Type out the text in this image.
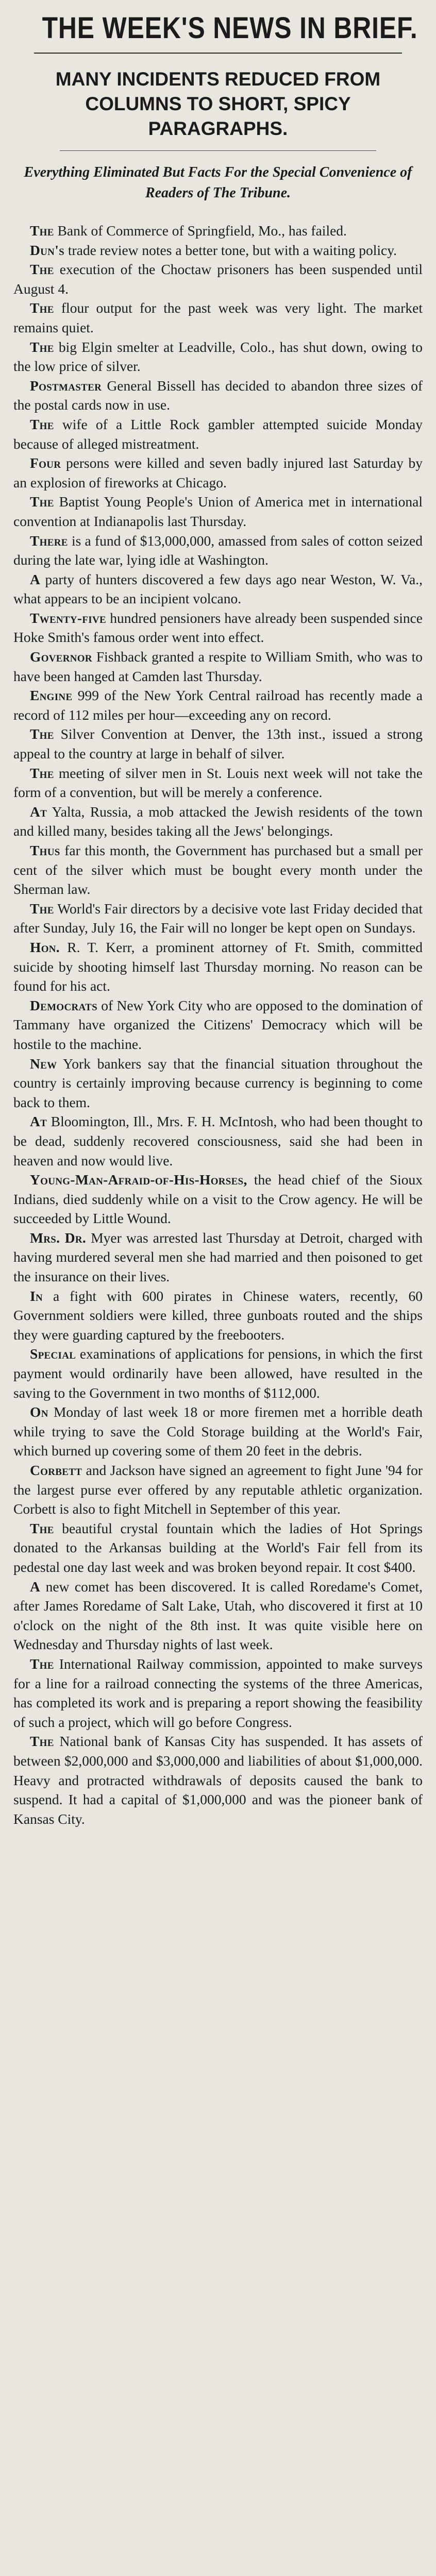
THE WEEK'S NEWS IN BRIEF.
MANY INCIDENTS REDUCED FROM COLUMNS TO SHORT, SPICY PARAGRAPHS.
Everything Eliminated But Facts For the Special Convenience of Readers of The Tribune.

The Bank of Commerce of Springfield, Mo., has failed.

Dun's trade review notes a better tone, but with a waiting policy.

The execution of the Choctaw prisoners has been suspended until August 4.

The flour output for the past week was very light. The market remains quiet.

The big Elgin smelter at Leadville, Colo., has shut down, owing to the low price of silver.

Postmaster General Bissell has decided to abandon three sizes of the postal cards now in use.

The wife of a Little Rock gambler attempted suicide Monday because of alleged mistreatment.

Four persons were killed and seven badly injured last Saturday by an explosion of fireworks at Chicago.

The Baptist Young People's Union of America met in international convention at Indianapolis last Thursday.

There is a fund of $13,000,000, amassed from sales of cotton seized during the late war, lying idle at Washington.

A party of hunters discovered a few days ago near Weston, W. Va., what appears to be an incipient volcano.

Twenty-five hundred pensioners have already been suspended since Hoke Smith's famous order went into effect.

Governor Fishback granted a respite to William Smith, who was to have been hanged at Camden last Thursday.

Engine 999 of the New York Central railroad has recently made a record of 112 miles per hour—exceeding any on record.

The Silver Convention at Denver, the 13th inst., issued a strong appeal to the country at large in behalf of silver.

The meeting of silver men in St. Louis next week will not take the form of a convention, but will be merely a conference.

At Yalta, Russia, a mob attacked the Jewish residents of the town and killed many, besides taking all the Jews' belongings.

Thus far this month, the Government has purchased but a small per cent of the silver which must be bought every month under the Sherman law.

The World's Fair directors by a decisive vote last Friday decided that after Sunday, July 16, the Fair will no longer be kept open on Sundays.

Hon. R. T. Kerr, a prominent attorney of Ft. Smith, committed suicide by shooting himself last Thursday morning. No reason can be found for his act.

Democrats of New York City who are opposed to the domination of Tammany have organized the Citizens' Democracy which will be hostile to the machine.

New York bankers say that the financial situation throughout the country is certainly improving because currency is beginning to come back to them.

At Bloomington, Ill., Mrs. F. H. McIntosh, who had been thought to be dead, suddenly recovered consciousness, said she had been in heaven and now would live.

Young-Man-Afraid-of-His-Horses, the head chief of the Sioux Indians, died suddenly while on a visit to the Crow agency. He will be succeeded by Little Wound.

Mrs. Dr. Myer was arrested last Thursday at Detroit, charged with having murdered several men she had married and then poisoned to get the insurance on their lives.

In a fight with 600 pirates in Chinese waters, recently, 60 Government soldiers were killed, three gunboats routed and the ships they were guarding captured by the freebooters.

Special examinations of applications for pensions, in which the first payment would ordinarily have been allowed, have resulted in the saving to the Government in two months of $112,000.

On Monday of last week 18 or more firemen met a horrible death while trying to save the Cold Storage building at the World's Fair, which burned up covering some of them 20 feet in the debris.

Corbett and Jackson have signed an agreement to fight June '94 for the largest purse ever offered by any reputable athletic organization. Corbett is also to fight Mitchell in September of this year.

The beautiful crystal fountain which the ladies of Hot Springs donated to the Arkansas building at the World's Fair fell from its pedestal one day last week and was broken beyond repair. It cost $400.

A new comet has been discovered. It is called Roredame's Comet, after James Roredame of Salt Lake, Utah, who discovered it first at 10 o'clock on the night of the 8th inst. It was quite visible here on Wednesday and Thursday nights of last week.

The International Railway commission, appointed to make surveys for a line for a railroad connecting the systems of the three Americas, has completed its work and is preparing a report showing the feasibility of such a project, which will go before Congress.

The National bank of Kansas City has suspended. It has assets of between $2,000,000 and $3,000,000 and liabilities of about $1,000,000. Heavy and protracted withdrawals of deposits caused the bank to suspend. It had a capital of $1,000,000 and was the pioneer bank of Kansas City.
